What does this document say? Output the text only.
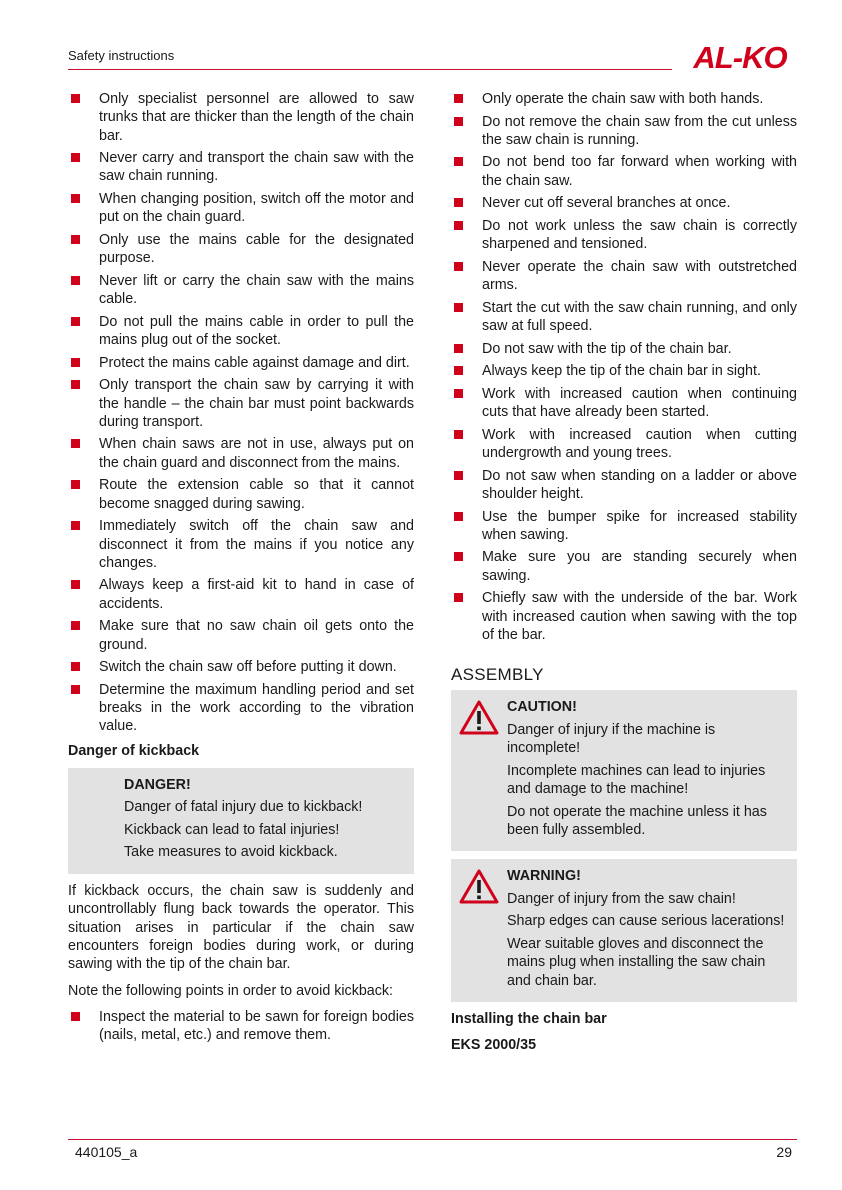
Safety instructions	AL-KO
Only specialist personnel are allowed to saw trunks that are thicker than the length of the chain bar.
Never carry and transport the chain saw with the saw chain running.
When changing position, switch off the motor and put on the chain guard.
Only use the mains cable for the designated purpose.
Never lift or carry the chain saw with the mains cable.
Do not pull the mains cable in order to pull the mains plug out of the socket.
Protect the mains cable against damage and dirt.
Only transport the chain saw by carrying it with the handle – the chain bar must point backwards during transport.
When chain saws are not in use, always put on the chain guard and disconnect from the mains.
Route the extension cable so that it cannot become snagged during sawing.
Immediately switch off the chain saw and disconnect it from the mains if you notice any changes.
Always keep a first-aid kit to hand in case of accidents.
Make sure that no saw chain oil gets onto the ground.
Switch the chain saw off before putting it down.
Determine the maximum handling period and set breaks in the work according to the vibration value.
Danger of kickback
DANGER!
Danger of fatal injury due to kickback!
Kickback can lead to fatal injuries!
Take measures to avoid kickback.

If kickback occurs, the chain saw is suddenly and uncontrollably flung back towards the operator. This situation arises in particular if the chain saw encounters foreign bodies during work, or during sawing with the tip of the chain bar.

Note the following points in order to avoid kickback:

Inspect the material to be sawn for foreign bodies (nails, metal, etc.) and remove them.
Only operate the chain saw with both hands.
Do not remove the chain saw from the cut unless the saw chain is running.
Do not bend too far forward when working with the chain saw.
Never cut off several branches at once.
Do not work unless the saw chain is correctly sharpened and tensioned.
Never operate the chain saw with outstretched arms.
Start the cut with the saw chain running, and only saw at full speed.
Do not saw with the tip of the chain bar.
Always keep the tip of the chain bar in sight.
Work with increased caution when continuing cuts that have already been started.
Work with increased caution when cutting undergrowth and young trees.
Do not saw when standing on a ladder or above shoulder height.
Use the bumper spike for increased stability when sawing.
Make sure you are standing securely when sawing.
Chiefly saw with the underside of the bar. Work with increased caution when sawing with the top of the bar.
ASSEMBLY
CAUTION!
Danger of injury if the machine is incomplete!
Incomplete machines can lead to injuries and damage to the machine!
Do not operate the machine unless it has been fully assembled.
WARNING!
Danger of injury from the saw chain!
Sharp edges can cause serious lacerations!
Wear suitable gloves and disconnect the mains plug when installing the saw chain and chain bar.
Installing the chain bar
EKS 2000/35
440105_a	29
